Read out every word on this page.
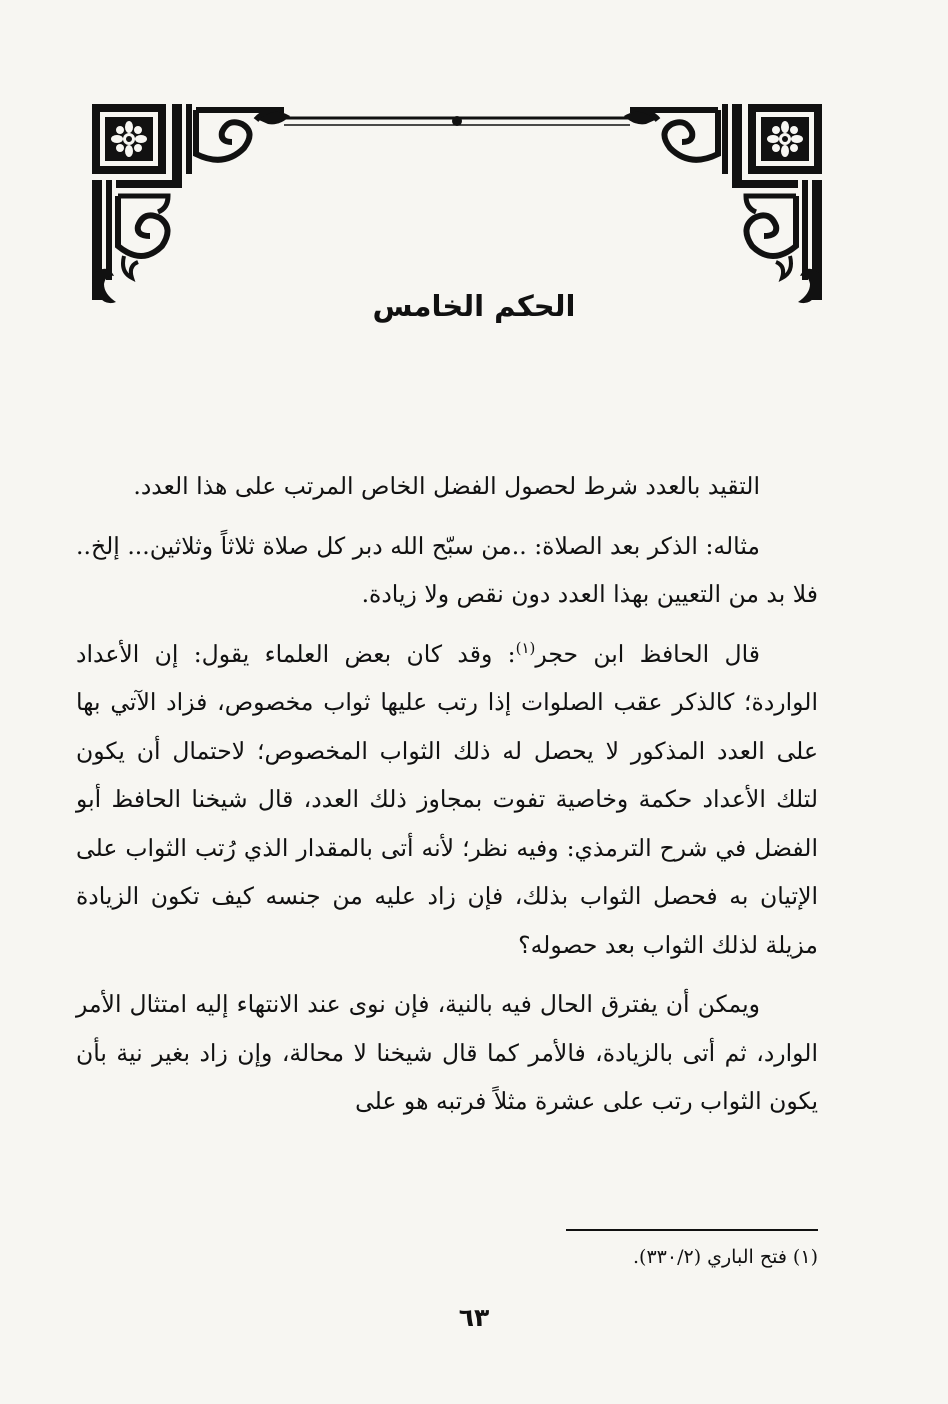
الحكم الخامس

التقيد بالعدد شرط لحصول الفضل الخاص المرتب على هذا العدد.

مثاله: الذكر بعد الصلاة: ..من سبّح الله دبر كل صلاة ثلاثاً وثلاثين... إلخ.. فلا بد من التعيين بهذا العدد دون نقص ولا زيادة.

قال الحافظ ابن حجر$^{(١)}$: وقد كان بعض العلماء يقول: إن الأعداد الواردة؛ كالذكر عقب الصلوات إذا رتب عليها ثواب مخصوص، فزاد الآتي بها على العدد المذكور لا يحصل له ذلك الثواب المخصوص؛ لاحتمال أن يكون لتلك الأعداد حكمة وخاصية تفوت بمجاوز ذلك العدد، قال شيخنا الحافظ أبو الفضل في شرح الترمذي: وفيه نظر؛ لأنه أتى بالمقدار الذي رُتب الثواب على الإتيان به فحصل الثواب بذلك، فإن زاد عليه من جنسه كيف تكون الزيادة مزيلة لذلك الثواب بعد حصوله؟

ويمكن أن يفترق الحال فيه بالنية، فإن نوى عند الانتهاء إليه امتثال الأمر الوارد، ثم أتى بالزيادة، فالأمر كما قال شيخنا لا محالة، وإن زاد بغير نية بأن يكون الثواب رتب على عشرة مثلاً فرتبه هو على

(١) فتح الباري (٣٣٠/٢).
٦٣
